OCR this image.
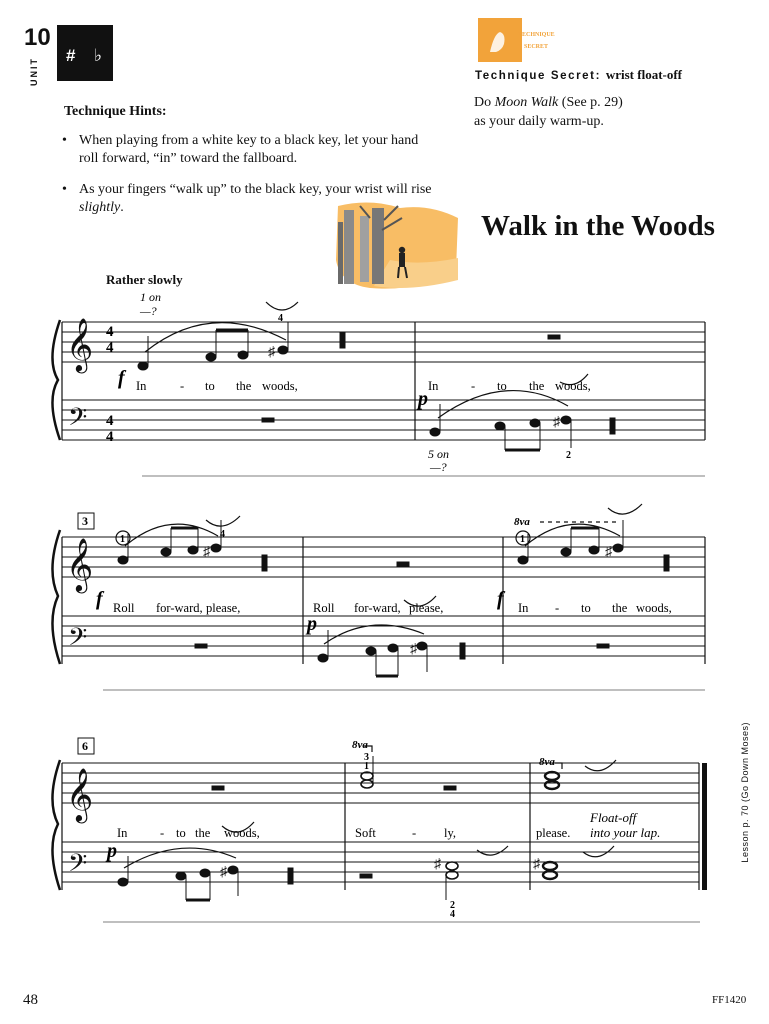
10
UNIT
# ♭
Technique Hints:
• When playing from a white key to a black key, let your hand roll forward, “in” toward the fallboard.
• As your fingers “walk up” to the black key, your wrist will rise slightly.
TECHNIQUE
SECRET
Technique Secret: wrist float-off
Do Moon Walk (See p. 29)
as your daily warm-up.
Walk in the Woods
Rather slowly
𝄞
𝄢
𝄞
𝄢
𝄞
𝄢
4
4
4
4
♯
♯
1 on
—?
4
5 on
—?
2
f
p
In	- to the woods,	In	- to the woods,
3
♯	♯
♯
1	1
4
8va
f
p
f
Roll for-ward, please,	Roll for-ward, please,	In - to the woods,
6
♯
♯	♯
8va
8va
3
1
2
4
p
Float-off
into your lap.
In	- to the woods,	Soft	- ly,	please.	Lesson p. 70 (Go Down Moses)
48	FF1420
